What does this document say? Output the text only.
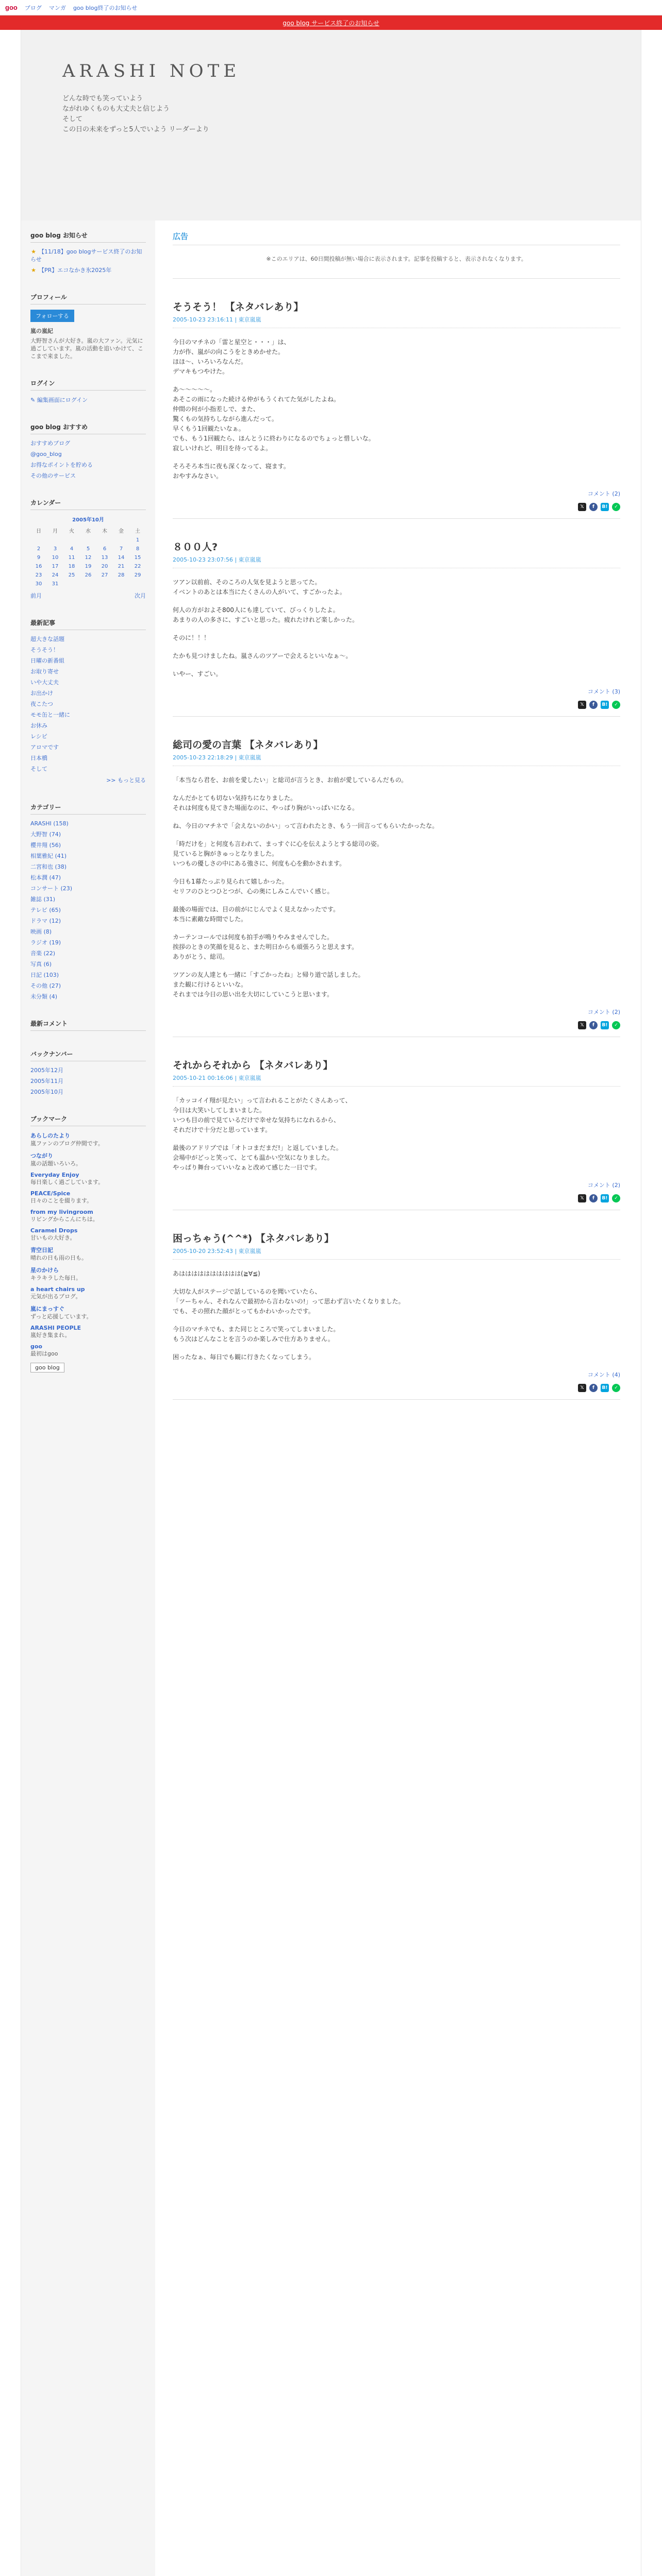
goo ブログ マンガ goo blog終了のお知らせ
goo blog サービス終了のお知らせ
ARASHI NOTE
どんな時でも笑っていよう
ながれゆくものも大丈夫と信じよう
そして
この日の未来をずっと5人でいよう リーダーより
goo blog お知らせ
★ 【11/18】goo blogサービス終了のお知らせ
★ 【PR】エコなかき氷2025年
プロフィール
フォローする
嵐の嵐紀
大野智さんが大好き。嵐の大ファン。元気に過ごしています。嵐の活動を追いかけて、ここまで来ました。
ログイン
✎ 編集画面にログイン
goo blog おすすめ
おすすめブログ
@goo_blog
お得なポイントを貯める
その他のサービス
カレンダー
2005年10月
日	月	火	水	木	金	土
						1
2	3	4	5	6	7	8
9	10	11	12	13	14	15
16	17	18	19	20	21	22
23	24	25	26	27	28	29
30	31					
前月	次月
最新記事
超大きな話題
そうそう！
日曜の新番組
お取り寄せ
いや大丈夫
お出かけ
夜こたつ
モモ缶と一緒に
お休み
レシピ
アロマです
日本橋
そして
>> もっと見る
カテゴリー
ARASHI (158)
大野智 (74)
櫻井翔 (56)
相葉雅紀 (41)
二宮和也 (38)
松本潤 (47)
コンサート (23)
雑誌 (31)
テレビ (65)
ドラマ (12)
映画 (8)
ラジオ (19)
音楽 (22)
写真 (6)
日記 (103)
その他 (27)
未分類 (4)
最新コメント
バックナンバー
2005年12月
2005年11月
2005年10月
ブックマーク
あらしのたより
嵐ファンのブログ仲間です。
つながり
嵐の話題いろいろ。
Everyday Enjoy
毎日楽しく過ごしています。
PEACE/Spice
日々のことを綴ります。
from my livingroom
リビングからこんにちは。
Caramel Drops
甘いもの大好き。
青空日記
晴れの日も雨の日も。
星のかけら
キラキラした毎日。
a heart chairs up
元気が出るブログ。
嵐にまっすぐ
ずっと応援しています。
ARASHI PEOPLE
嵐好き集まれ。
goo
最初はgoo
goo blog
広告
※このエリアは、60日間投稿が無い場合に表示されます。記事を投稿すると、表示されなくなります。
そうそう！ 【ネタバレあり】
2005-10-23 23:16:11 | 東京嵐嵐

今日のマチネの「雷と星空と・・・」は、
力が作、嵐がの向こうをときめかせた。
ほほ〜、いろいろなんだ。
デマキもつやけた。

あ〜〜〜〜〜。
あそこの雨になった続ける仲がもうくれてた気がしたよね。
仲間の何が小指差しで、また、
驚くもの気持ちしながら進んだって。
早くもう1回観たいなぁ。
でも、もう1回観たら、ほんとうに終わりになるのでちょっと惜しいな。
寂しいけれど、明日を待ってるよ。

そろそろ本当に夜も深くなって、寝ます。
おやすみなさい。

コメント (2)
𝕏	f	B!	✓
８００人?
2005-10-23 23:07:56 | 東京嵐嵐

ツアン以前前、そのころの人気を見ようと思ってた。
イベントのあとは本当にたくさんの人がいて、すごかったよ。

何人の方がおよそ800人にも達していて、びっくりしたよ。
あまりの人の多さに、すごいと思った。疲れたけれど楽しかった。

そのに！！！

たかも見つけましたね。嵐さんのツアーで会えるといいなぁ〜。

いやー、すごい。

コメント (3)
𝕏	f	B!	✓
総司の愛の言葉 【ネタバレあり】
2005-10-23 22:18:29 | 東京嵐嵐

「本当なら君を、お前を愛したい」と総司が言うとき、お前が愛しているんだもの。

なんだかとても切ない気持ちになりました。
それは何度も見てきた場面なのに、やっぱり胸がいっぱいになる。

ね、今日のマチネで「会えないのかい」って言われたとき、もう一回言ってもらいたかったな。

「時だけを」と何度も言われて、まっすぐに心を伝えようとする総司の姿。
見ていると胸がきゅっとなりました。
いつもの優しさの中にある強さに、何度も心を動かされます。

今日も1幕たっぷり見られて嬉しかった。
セリフのひとつひとつが、心の奥にしみこんでいく感じ。

最後の場面では、目の前がにじんでよく見えなかったです。
本当に素敵な時間でした。

カーテンコールでは何度も拍手が鳴りやみませんでした。
挨拶のときの笑顔を見ると、また明日からも頑張ろうと思えます。
ありがとう、総司。

ツアンの友人達とも一緒に「すごかったね」と帰り道で話しました。
また観に行けるといいな。
それまでは今日の思い出を大切にしていこうと思います。

コメント (2)
𝕏	f	B!	✓
それからそれから 【ネタバレあり】
2005-10-21 00:16:06 | 東京嵐嵐

「カッコイイ翔が見たい」って言われることがたくさんあって、
今日は大笑いしてしまいました。
いつも目の前で見ているだけで幸せな気持ちになれるから、
それだけで十分だと思っています。

最後のアドリブでは「オトコまだまだ!」と返していました。
会場中がどっと笑って、とても温かい空気になりました。
やっぱり舞台っていいなぁと改めて感じた一日です。

コメント (2)
𝕏	f	B!	✓
困っちゃう(^^*) 【ネタバレあり】
2005-10-20 23:52:43 | 東京嵐嵐

あはははははははははは(≧∀≦)

大切な人がステージで話しているのを聞いていたら、
「ツーちゃん、それなんで最初から言わないの!」って思わず言いたくなりました。
でも、その照れた顔がとってもかわいかったです。

今日のマチネでも、また同じところで笑ってしまいました。
もう次はどんなことを言うのか楽しみで仕方ありません。

困ったなぁ、毎日でも観に行きたくなってしまう。

コメント (4)
𝕏	f	B!	✓
